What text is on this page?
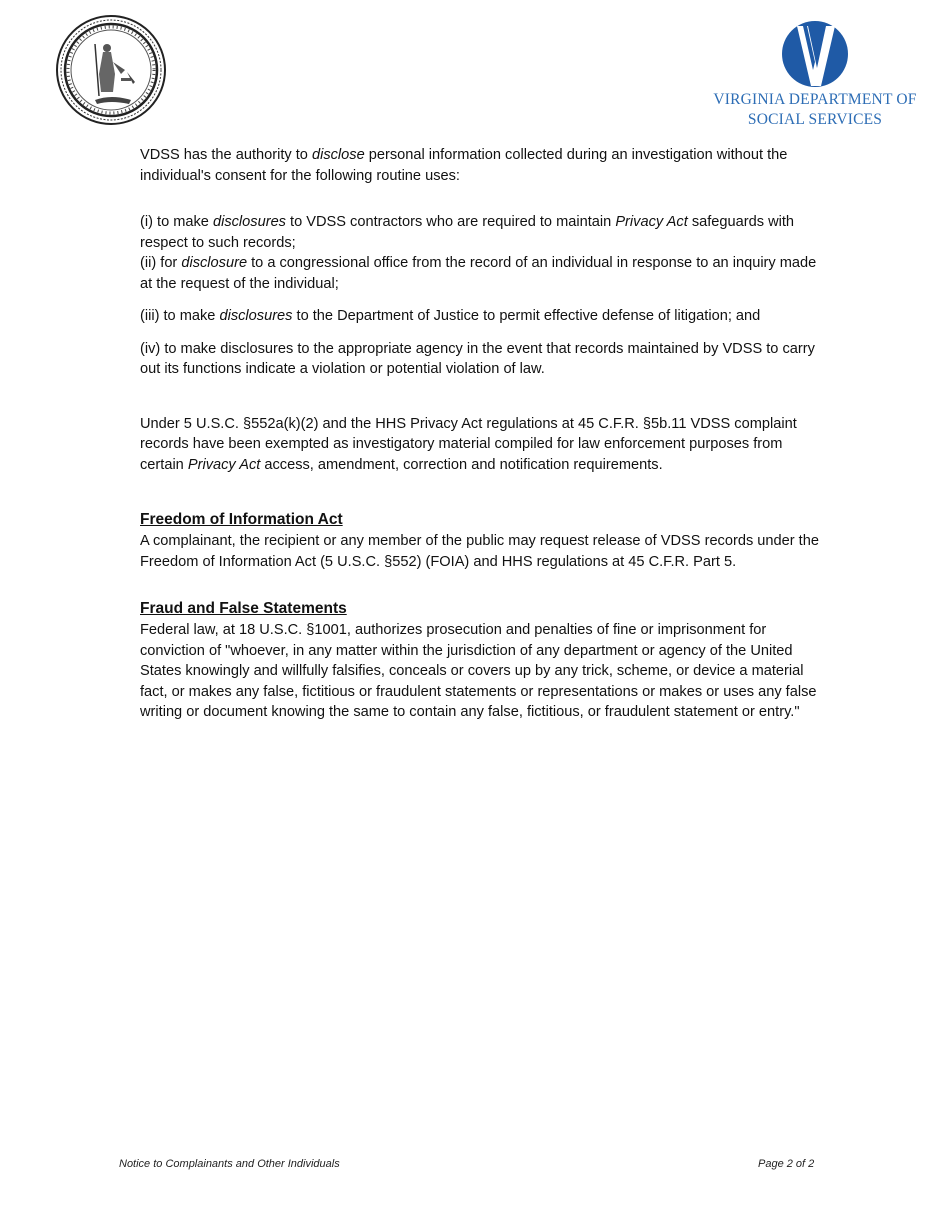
VIRGINIA DEPARTMENT OF
SOCIAL SERVICES

VDSS has the authority to disclose personal information collected during an investigation without the individual's consent for the following routine uses:

(i) to make disclosures to VDSS contractors who are required to maintain Privacy Act safeguards with respect to such records;

(ii) for disclosure to a congressional office from the record of an individual in response to an inquiry made at the request of the individual;

(iii) to make disclosures to the Department of Justice to permit effective defense of litigation; and

(iv) to make disclosures to the appropriate agency in the event that records maintained by VDSS to carry out its functions indicate a violation or potential violation of law.

Under 5 U.S.C. §552a(k)(2) and the HHS Privacy Act regulations at 45 C.F.R. §5b.11 VDSS complaint records have been exempted as investigatory material compiled for law enforcement purposes from certain Privacy Act access, amendment, correction and notification requirements.

Freedom of Information Act

A complainant, the recipient or any member of the public may request release of VDSS records under the Freedom of Information Act (5 U.S.C. §552) (FOIA) and HHS regulations at 45 C.F.R. Part 5.

Fraud and False Statements

Federal law, at 18 U.S.C. §1001, authorizes prosecution and penalties of fine or imprisonment for conviction of "whoever, in any matter within the jurisdiction of any department or agency of the United States knowingly and willfully falsifies, conceals or covers up by any trick, scheme, or device a material fact, or makes any false, fictitious or fraudulent statements or representations or makes or uses any false writing or document knowing the same to contain any false, fictitious, or fraudulent statement or entry."

Notice to Complainants and Other Individuals	Page 2 of 2
